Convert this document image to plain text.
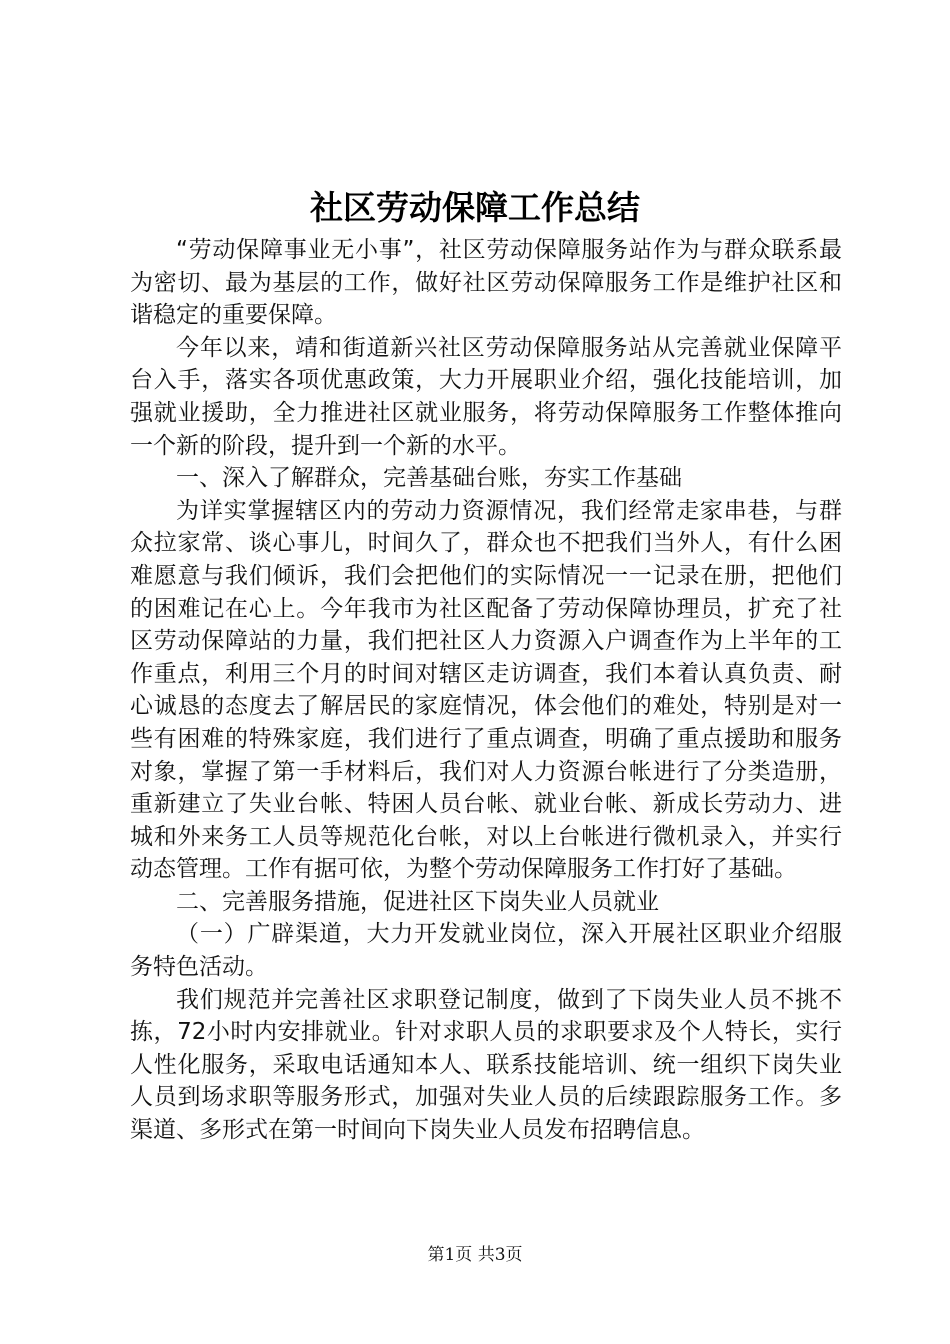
社区劳动保障工作总结

“劳动保障事业无小事”，社区劳动保障服务站作为与群众联系最为密切、最为基层的工作，做好社区劳动保障服务工作是维护社区和谐稳定的重要保障。

今年以来，靖和街道新兴社区劳动保障服务站从完善就业保障平台入手，落实各项优惠政策，大力开展职业介绍，强化技能培训，加强就业援助，全力推进社区就业服务，将劳动保障服务工作整体推向一个新的阶段，提升到一个新的水平。

一、深入了解群众，完善基础台账，夯实工作基础

为详实掌握辖区内的劳动力资源情况，我们经常走家串巷，与群众拉家常、谈心事儿，时间久了，群众也不把我们当外人，有什么困难愿意与我们倾诉，我们会把他们的实际情况一一记录在册，把他们的困难记在心上。今年我市为社区配备了劳动保障协理员，扩充了社区劳动保障站的力量，我们把社区人力资源入户调查作为上半年的工作重点，利用三个月的时间对辖区走访调查，我们本着认真负责、耐心诚恳的态度去了解居民的家庭情况，体会他们的难处，特别是对一些有困难的特殊家庭，我们进行了重点调查，明确了重点援助和服务对象，掌握了第一手材料后，我们对人力资源台帐进行了分类造册，重新建立了失业台帐、特困人员台帐、就业台帐、新成长劳动力、进城和外来务工人员等规范化台帐，对以上台帐进行微机录入，并实行动态管理。工作有据可依，为整个劳动保障服务工作打好了基础。

二、完善服务措施，促进社区下岗失业人员就业

（一）广辟渠道，大力开发就业岗位，深入开展社区职业介绍服务特色活动。

我们规范并完善社区求职登记制度，做到了下岗失业人员不挑不拣，72小时内安排就业。针对求职人员的求职要求及个人特长，实行人性化服务，采取电话通知本人、联系技能培训、统一组织下岗失业人员到场求职等服务形式，加强对失业人员的后续跟踪服务工作。多渠道、多形式在第一时间向下岗失业人员发布招聘信息。

第1页 共3页
